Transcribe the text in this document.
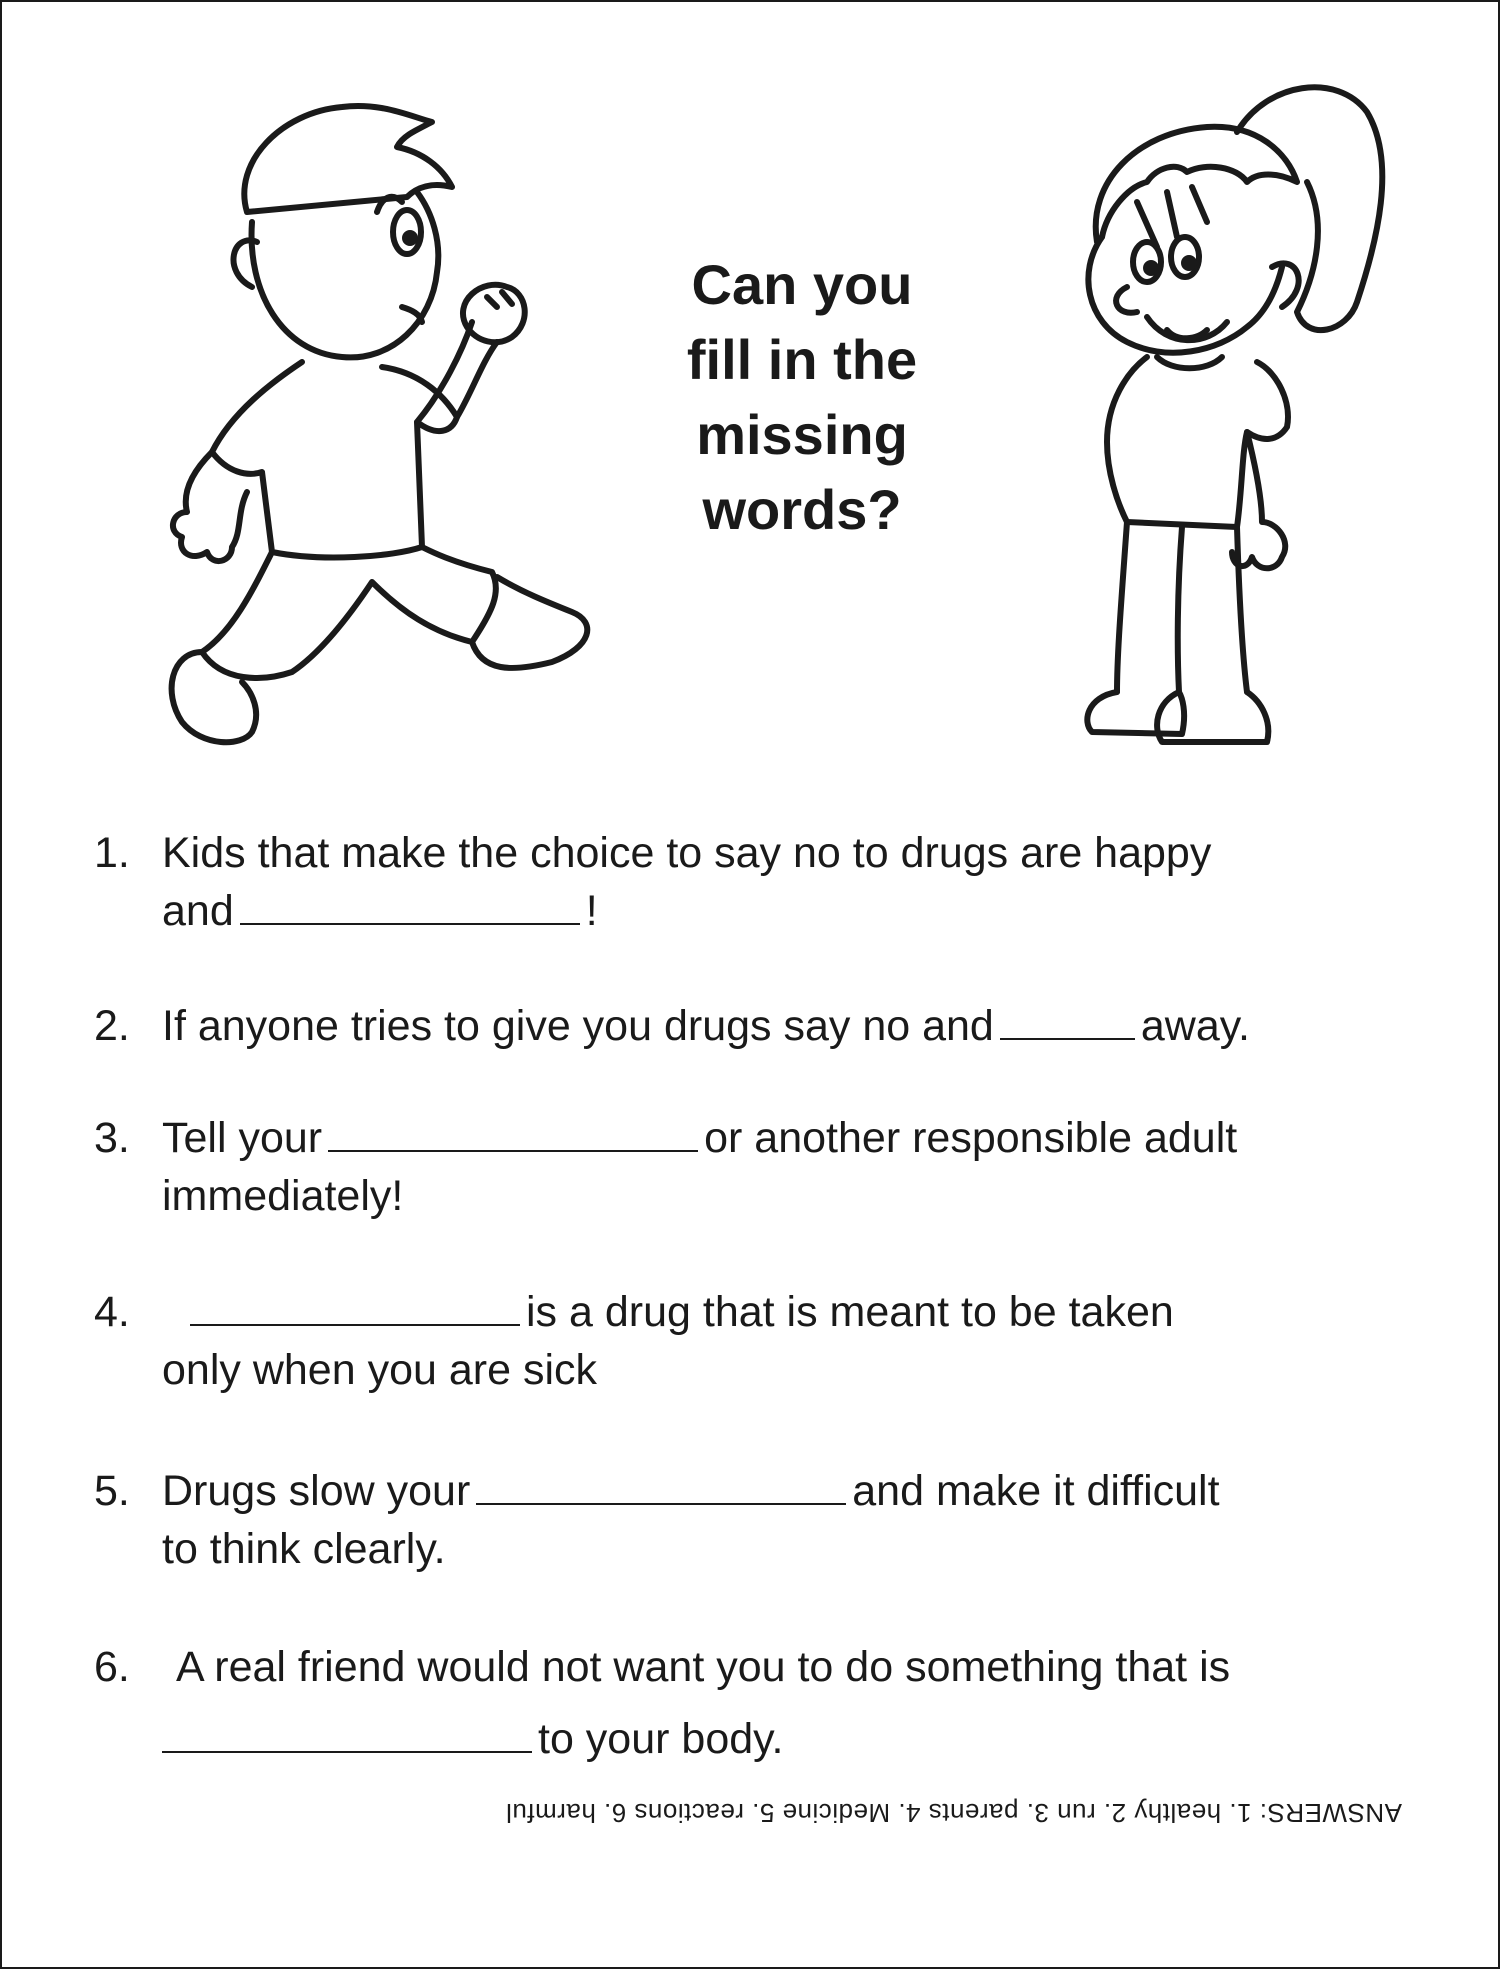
Can you
fill in the
missing
words?
1. Kids that make the choice to say no to drugs are happy
and	!
2. If anyone tries to give you drugs say no and	away.
3. Tell your	or another responsible adult
immediately!
4.	is a drug that is meant to be taken
only when you are sick
5. Drugs slow your	and make it difficult
to think clearly.
6.	A real friend would not want you to do something that is
to your body.
ANSWERS: 1. healthy 2. run 3. parents 4. Medicine 5. reactions 6. harmful
